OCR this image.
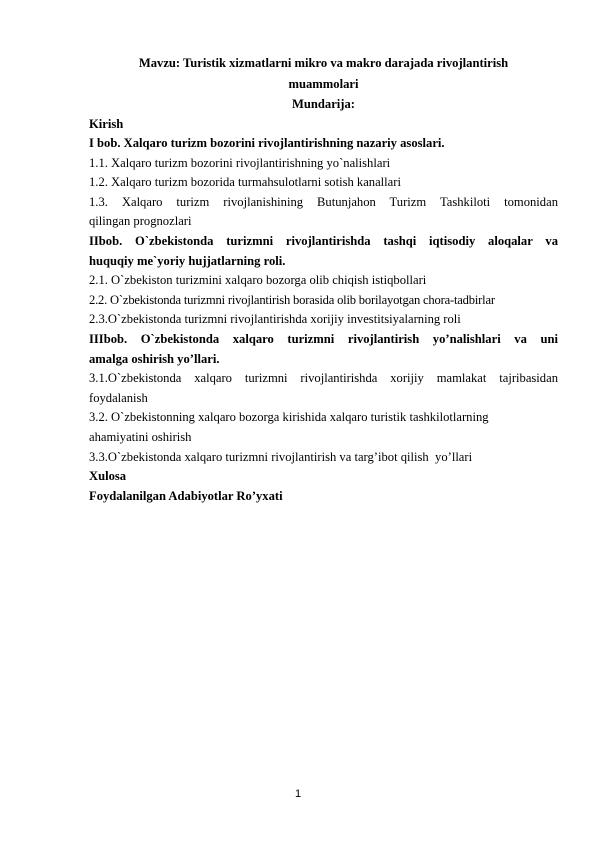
Mavzu: Turistik xizmatlarni mikro va makro darajada rivojlantirish
muammolari
Mundarija:
Kirish
I bob. Xalqaro turizm bozorini rivojlantirishning nazariy asoslari.
1.1. Xalqaro turizm bozorini rivojlantirishning yo`nalishlari
1.2. Xalqaro turizm bozorida turmahsulotlarni sotish kanallari
1.3. Xalqaro turizm rivojlanishining Butunjahon Turizm Tashkiloti tomonidan
qilingan prognozlari
IIbob. O`zbekistonda turizmni rivojlantirishda tashqi iqtisodiy aloqalar va
huquqiy me`yoriy hujjatlarning roli.
2.1. O`zbekiston turizmini xalqaro bozorga olib chiqish istiqbollari
2.2. O`zbekistonda turizmni rivojlantirish borasida olib borilayotgan chora-tadbirlar
2.3.O`zbekistonda turizmni rivojlantirishda xorijiy investitsiyalarning roli
IIIbob. O`zbekistonda xalqaro turizmni rivojlantirish yo’nalishlari va uni
amalga oshirish yo’llari.
3.1.O`zbekistonda xalqaro turizmni rivojlantirishda xorijiy mamlakat tajribasidan
foydalanish
3.2. O`zbekistonning xalqaro bozorga kirishida xalqaro turistik tashkilotlarning
ahamiyatini oshirish
3.3.O`zbekistonda xalqaro turizmni rivojlantirish va targ’ibot qilish  yo’llari
Xulosa
Foydalanilgan Adabiyotlar Ro’yxati
1
